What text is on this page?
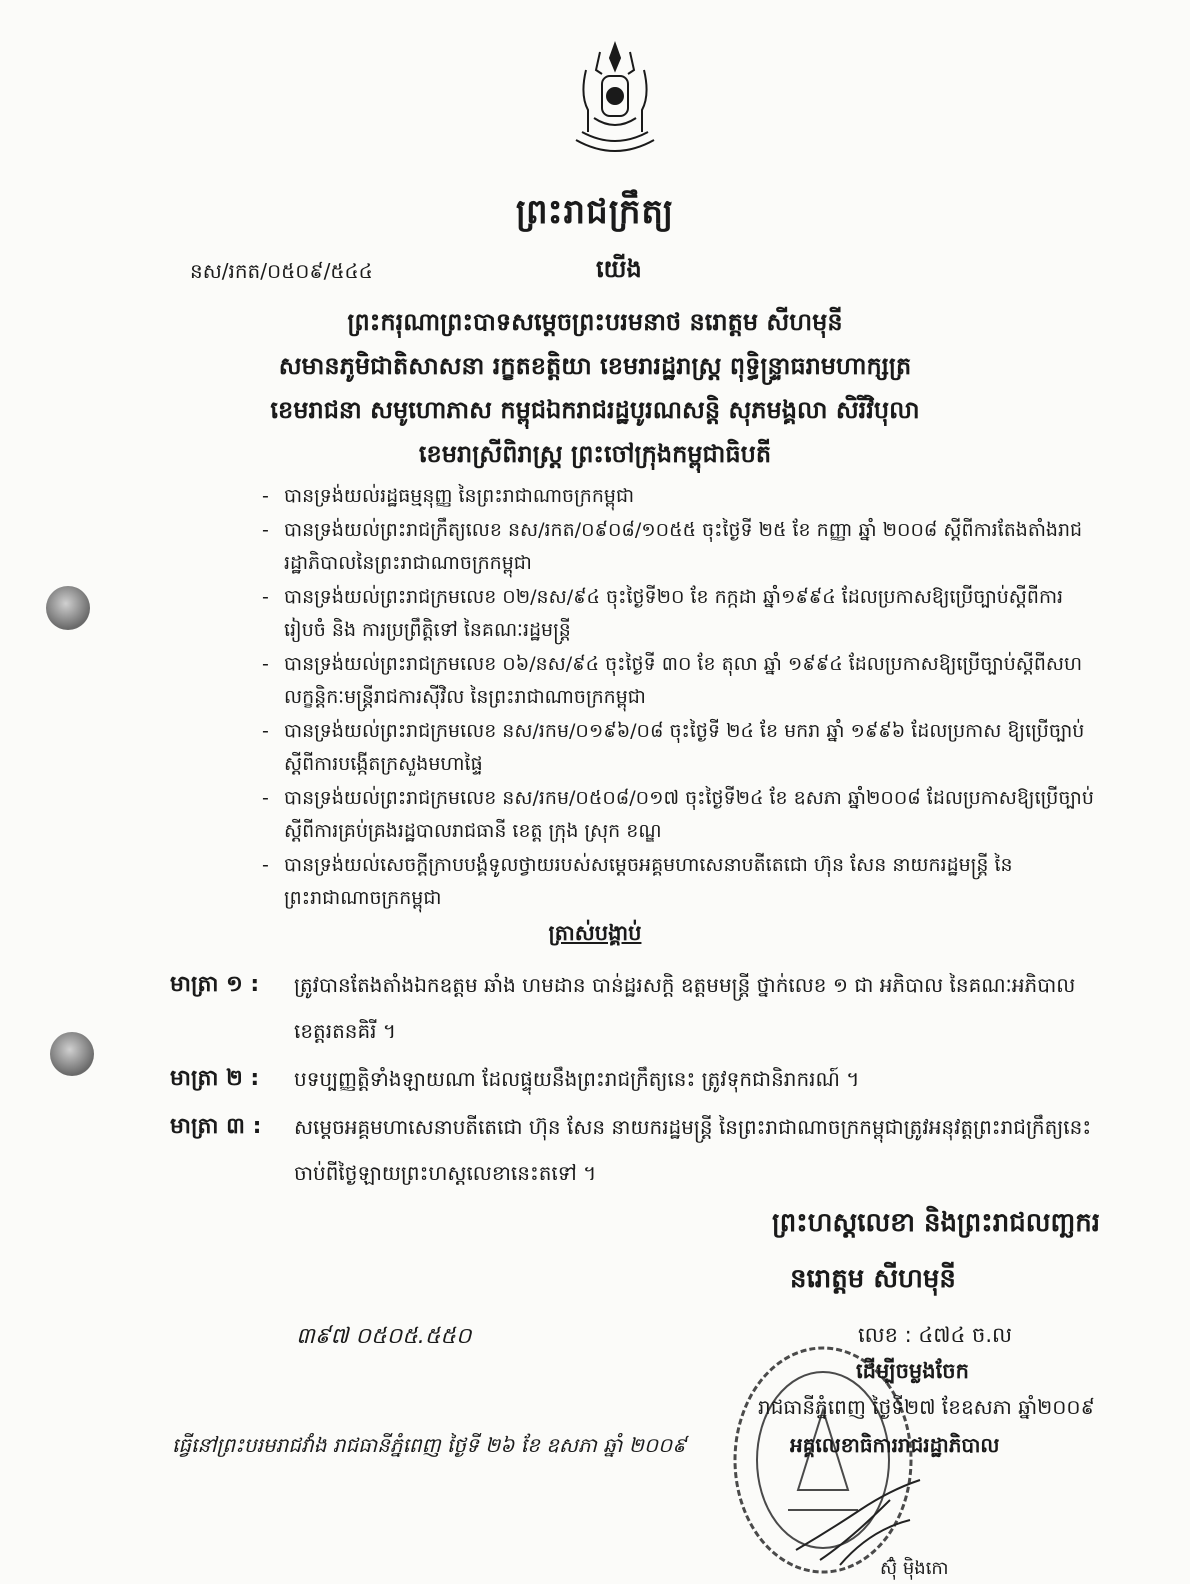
ព្រះរាជក្រឹត្យ
នស/រកត/០៥០៩/៥៤៤	យើង
ព្រះករុណាព្រះបាទសម្តេចព្រះបរមនាថ នរោត្តម សីហមុនី
សមានភូមិជាតិសាសនា រក្ខតខត្តិយា ខេមរារដ្ឋរាស្ត្រ ពុទ្ធិន្ទ្រាធរាមហាក្សត្រ
ខេមរាជនា សមូហោភាស កម្ពុជឯករាជរដ្ឋបូរណសន្តិ សុភមង្គលា សិរីវិបុលា
ខេមរាស្រីពិរាស្ត្រ ព្រះចៅក្រុងកម្ពុជាធិបតី
- បានទ្រង់យល់រដ្ឋធម្មនុញ្ញ នៃព្រះរាជាណាចក្រកម្ពុជា
- បានទ្រង់យល់ព្រះរាជក្រឹត្យលេខ នស/រកត/០៩០៨/១០៥៥ ចុះថ្ងៃទី ២៥ ខែ កញ្ញា ឆ្នាំ ២០០៨ ស្តីពីការតែងតាំងរាជរដ្ឋាភិបាលនៃព្រះរាជាណាចក្រកម្ពុជា
- បានទ្រង់យល់ព្រះរាជក្រមលេខ ០២/នស/៩៤ ចុះថ្ងៃទី២០ ខែ កក្កដា ឆ្នាំ១៩៩៤ ដែលប្រកាសឱ្យប្រើច្បាប់ស្តីពីការរៀបចំ និង ការប្រព្រឹត្តិទៅ នៃគណៈរដ្ឋមន្ត្រី
- បានទ្រង់យល់ព្រះរាជក្រមលេខ ០៦/នស/៩៤ ចុះថ្ងៃទី ៣០ ខែ តុលា ឆ្នាំ ១៩៩៤ ដែលប្រកាសឱ្យប្រើច្បាប់ស្តីពីសហលក្ខន្តិកៈមន្ត្រីរាជការស៊ីវិល នៃព្រះរាជាណាចក្រកម្ពុជា
- បានទ្រង់យល់ព្រះរាជក្រមលេខ នស/រកម/០១៩៦/០៨ ចុះថ្ងៃទី ២៤ ខែ មករា ឆ្នាំ ១៩៩៦ ដែលប្រកាស ឱ្យប្រើច្បាប់ស្តីពីការបង្កើតក្រសួងមហាផ្ទៃ
- បានទ្រង់យល់ព្រះរាជក្រមលេខ នស/រកម/០៥០៨/០១៧ ចុះថ្ងៃទី២៤ ខែ ឧសភា ឆ្នាំ២០០៨ ដែលប្រកាសឱ្យប្រើច្បាប់ស្តីពីការគ្រប់គ្រងរដ្ឋបាលរាជធានី ខេត្ត ក្រុង ស្រុក ខណ្ឌ
- បានទ្រង់យល់សេចក្តីក្រាបបង្គំទូលថ្វាយរបស់សម្តេចអគ្គមហាសេនាបតីតេជោ ហ៊ុន សែន នាយករដ្ឋមន្ត្រី នៃព្រះរាជាណាចក្រកម្ពុជា
ត្រាស់បង្គាប់
មាត្រា ១ :	ត្រូវបានតែងតាំងឯកឧត្តម ឆាំង ហមដាន បាន់ដ្ឋរសក្តិ ឧត្តមមន្ត្រី ថ្នាក់លេខ ១ ជា អភិបាល នៃគណៈអភិបាលខេត្តរតនគិរី ។
មាត្រា ២ :	បទប្បញ្ញត្តិទាំងឡាយណា ដែលផ្ទុយនឹងព្រះរាជក្រឹត្យនេះ ត្រូវទុកជានិរាករណ៍ ។
មាត្រា ៣ :	សម្តេចអគ្គមហាសេនាបតីតេជោ ហ៊ុន សែន នាយករដ្ឋមន្ត្រី នៃព្រះរាជាណាចក្រកម្ពុជាត្រូវអនុវត្តព្រះរាជក្រឹត្យនេះ ចាប់ពីថ្ងៃឡាយព្រះហស្តលេខានេះតទៅ ។
ព្រះហស្តលេខា និងព្រះរាជលញ្ឆករ
នរោត្តម សីហមុនី
៣៩៧ ០៥០៥.៥៥០	លេខ : ៤៧៤ ច.ល
ដើម្បីចម្លងចែក
រាជធានីភ្នំពេញ ថ្ងៃទី២៧ ខែឧសភា ឆ្នាំ២០០៩
ធ្វើនៅព្រះបរមរាជវាំង រាជធានីភ្នំពេញ ថ្ងៃទី ២៦ ខែ ឧសភា ឆ្នាំ ២០០៩	អគ្គលេខាធិការរាជរដ្ឋាភិបាល
ស៊ុំ ម៉ិងកោ
